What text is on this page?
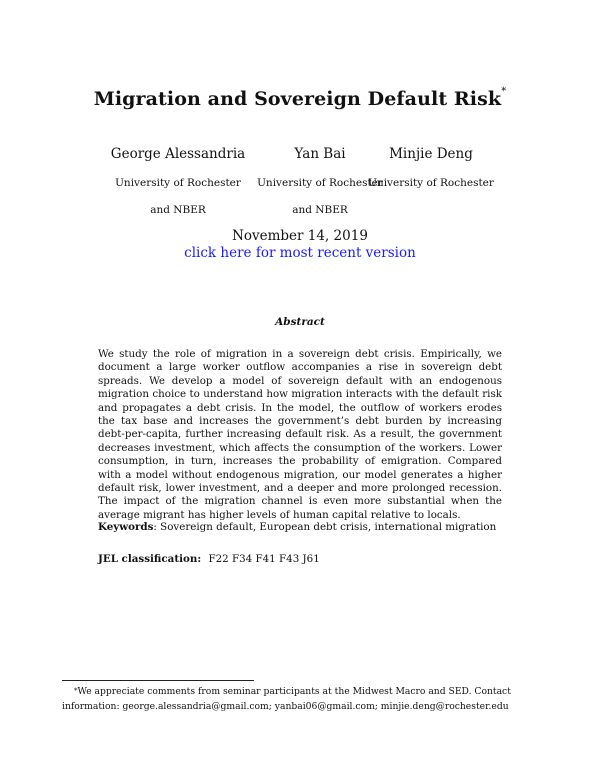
Migration and Sovereign Default Risk*
George Alessandria
University of Rochester
and NBER
Yan Bai
University of Rochester
and NBER
Minjie Deng
University of Rochester
November 14, 2019
click here for most recent version
Abstract
We study the role of migration in a sovereign debt crisis. Empirically, we document a large worker outflow accompanies a rise in sovereign debt spreads. We develop a model of sovereign default with an endogenous migration choice to understand how migration interacts with the default risk and propagates a debt crisis. In the model, the outflow of workers erodes the tax base and increases the government’s debt burden by increasing debt-per-capita, further increasing default risk. As a result, the government decreases investment, which affects the consumption of the workers. Lower consumption, in turn, increases the probability of emigration. Compared with a model without endogenous migration, our model generates a higher default risk, lower investment, and a deeper and more prolonged recession. The impact of the migration channel is even more substantial when the average migrant has higher levels of human capital relative to locals.
Keywords: Sovereign default, European debt crisis, international migration
JEL classification: F22 F34 F41 F43 J61
*We appreciate comments from seminar participants at the Midwest Macro and SED. Contact information: george.alessandria@gmail.com; yanbai06@gmail.com; minjie.deng@rochester.edu
